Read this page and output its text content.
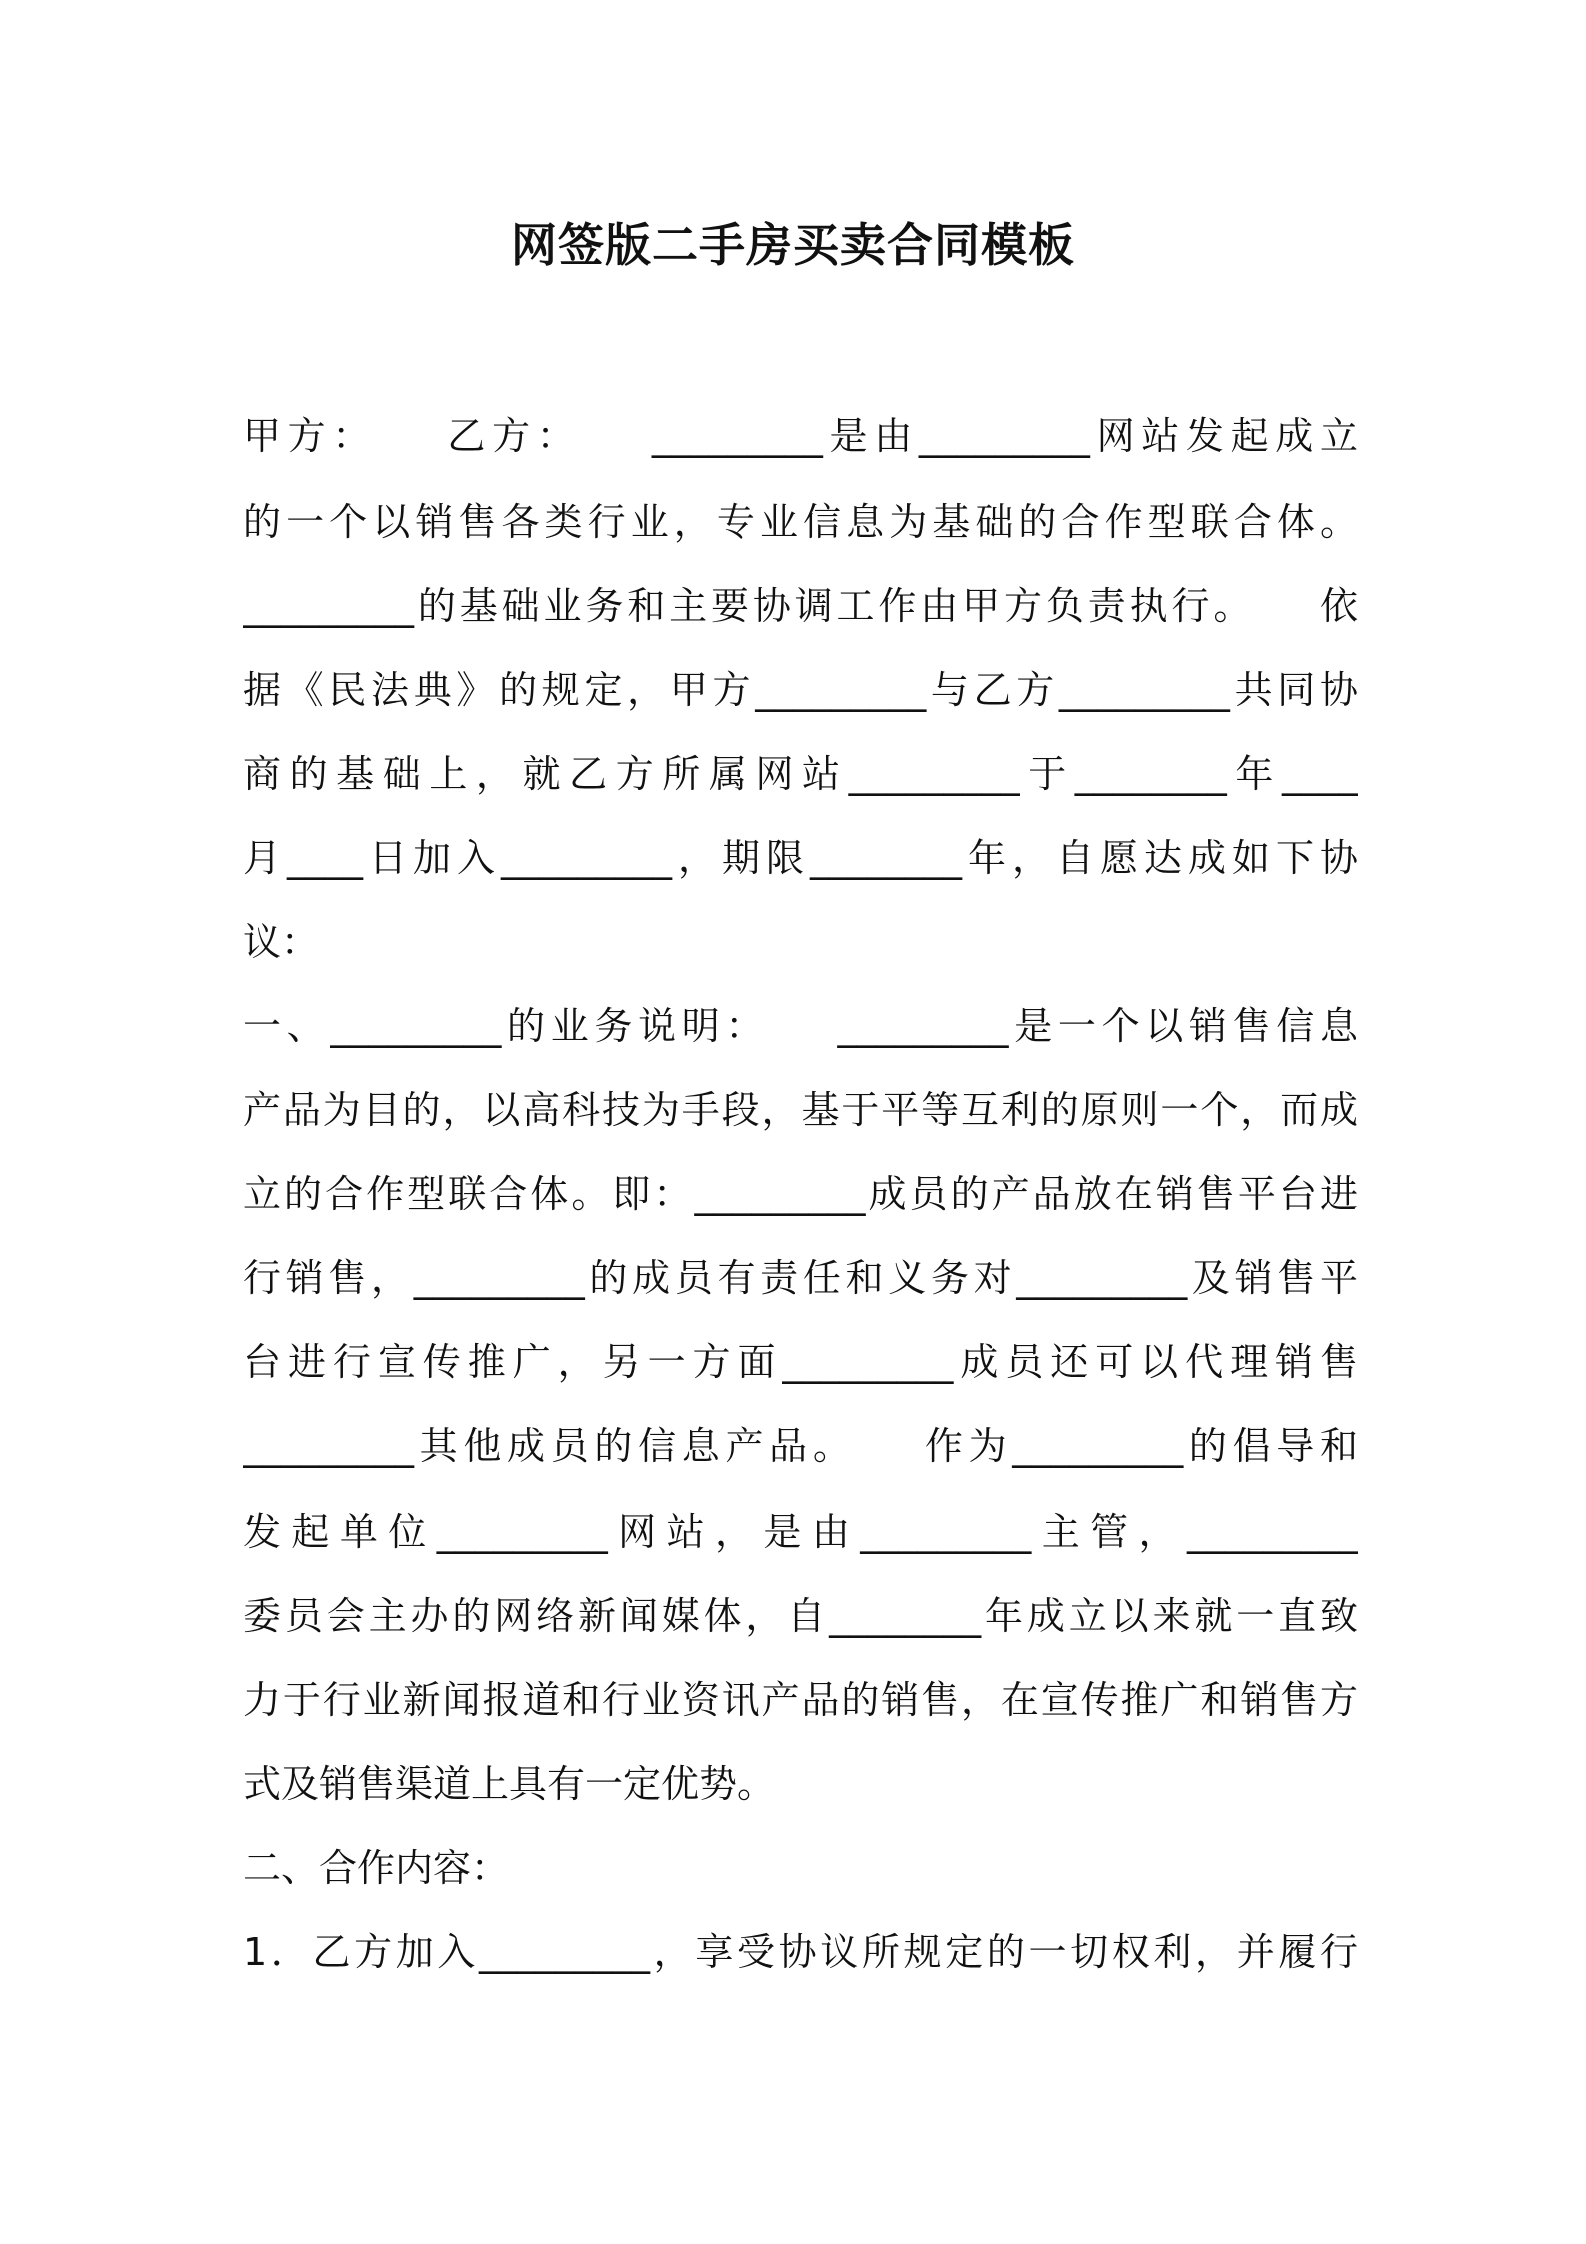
网签版二手房买卖合同模板
甲方：　　乙方：　　_________是由_________网站发起成立
的一个以销售各类行业，专业信息为基础的合作型联合体。
_________的基础业务和主要协调工作由甲方负责执行。　　依
据《民法典》的规定，甲方_________与乙方_________共同协
商的基础上，就乙方所属网站_________于________年____
月____日加入_________，期限________年，自愿达成如下协
议：
一、_________的业务说明：　　_________是一个以销售信息
产品为目的，以高科技为手段，基于平等互利的原则一个，而成
立的合作型联合体。即：_________成员的产品放在销售平台进
行销售，_________的成员有责任和义务对_________及销售平
台进行宣传推广，另一方面_________成员还可以代理销售
_________其他成员的信息产品。　　作为_________的倡导和
发起单位_________网站，是由_________主管，_________
委员会主办的网络新闻媒体，自________年成立以来就一直致
力于行业新闻报道和行业资讯产品的销售，在宣传推广和销售方
式及销售渠道上具有一定优势。
二、合作内容：
1．乙方加入_________，享受协议所规定的一切权利，并履行
